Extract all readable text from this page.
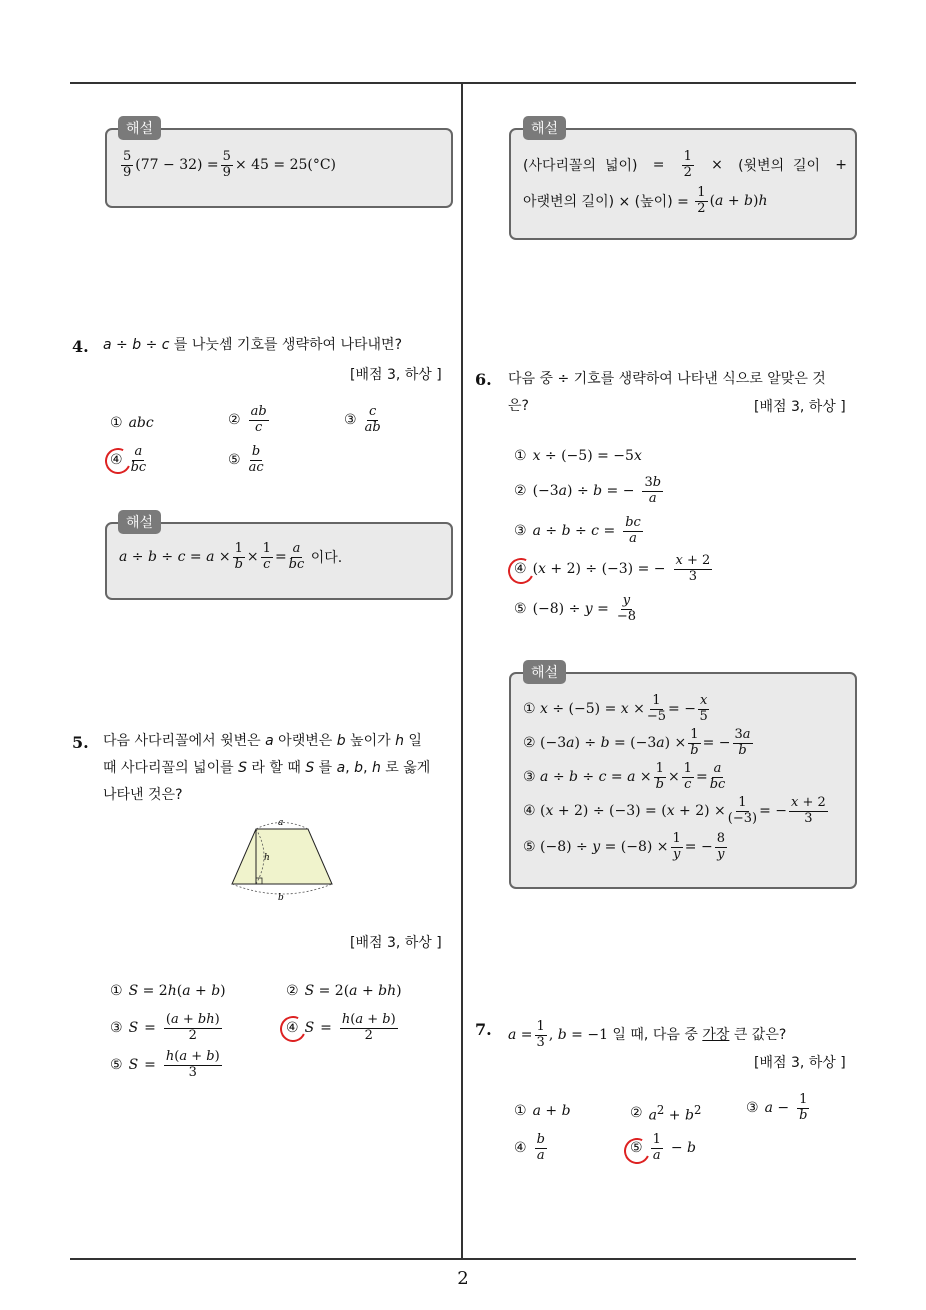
2
5
9 (77 − 32) =
5
9 × 45 = 25(°C)
해설
4. a ÷ b ÷ c 를 나눗셈 기호를 생략하여 나타내면?
[배점 3, 하상 ]
① abc	②
ab
c	③
c
ab
④
a
bc	⑤
b
ac
a ÷ b ÷ c = a ×
1
b ×
1
c =
a
bc 이다.
해설
5. 다음 사다리꼴에서 윗변은 a 아랫변은 b 높이가 h 일
때 사다리꼴의 넓이를 S 라 할 때 S 를 a, b, h 로 옳게
나타낸 것은?
a
h
b
[배점 3, 하상 ]
① S = 2h(a + b)	② S = 2(a + bh)
③ S =
(a + bh)
2	④ S =
h(a + b)
2
⑤ S =
h(a + b)
3
(사다리꼴의  넓이) = $\frac{1}{2}$ × (윗변의  길이 +
아랫변의 길이) × (높이) =
1
2 (a + b)h
해설
6. 다음 중 ÷ 기호를 생략하여 나타낸 식으로 알맞은 것
은?	[배점 3, 하상 ]
① x ÷ (−5) = −5x
② (−3a) ÷ b = − $\frac{3b}{a}$
③ $a \div b \div c = \frac{bc}{a}$
④ (x + 2) ÷ (−3) = − $\frac{x + 2}{3}$
⑤ $(-8) \div y = \frac{y}{-8}$
①
x ÷ (−5) = x ×
1
−5 = −
x
5
② (−3 a ) ÷ b = (−3 a ) ×
1
b = −
3a
b
③
a ÷ b ÷ c = a ×
1
b ×
1
c =
a
bc
④ ( x + 2) ÷ (−3) = ( x + 2) ×
1
(−3) = −
x + 2
3
⑤ (−8) ÷ y = (−8) ×
1
y = −
8
y
해설
7. $a = \frac{1}{3}$ , b = −1 일 때, 다음 중 가장 큰 값은?
[배점 3, 하상 ]
① a + b	② $a^2 + b^2$	③ $a - \frac{1}{b}$
④
b
a	⑤
1
a − b
